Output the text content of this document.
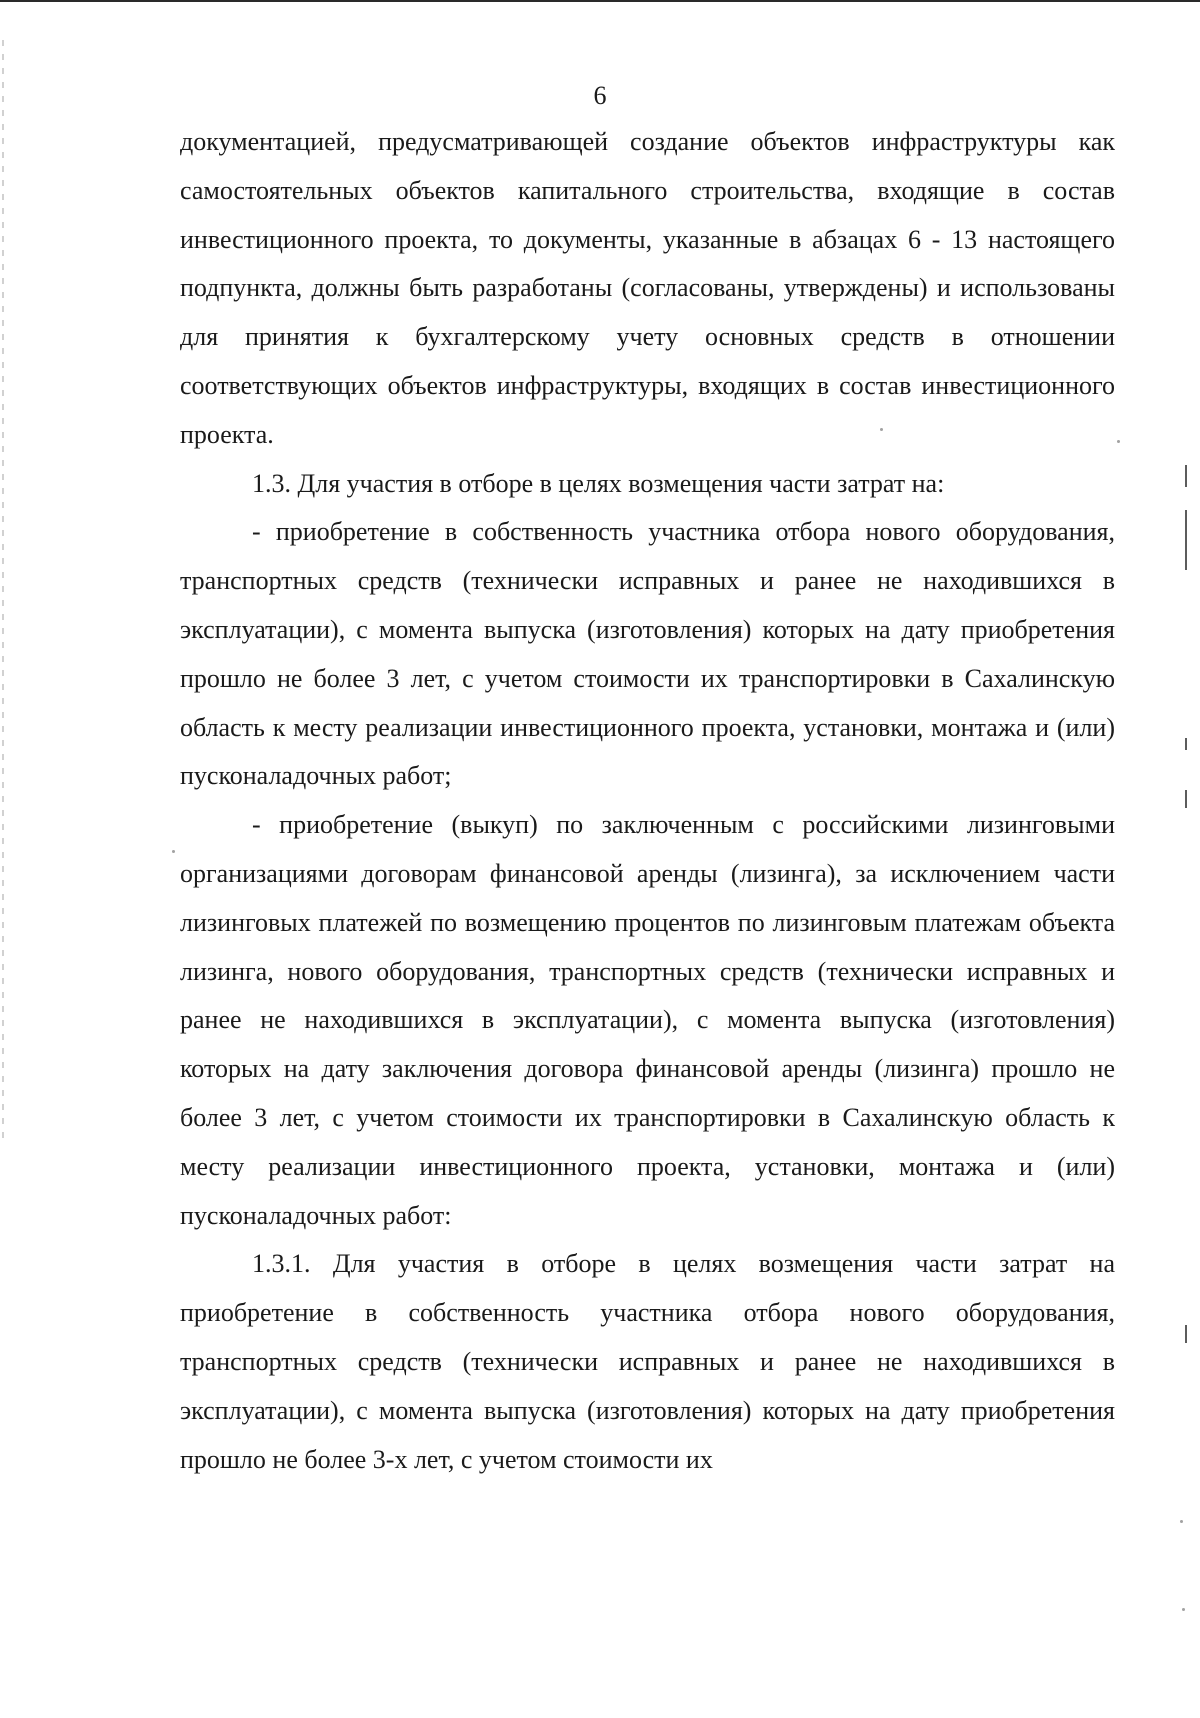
6

документацией, предусматривающей создание объектов инфраструктуры как самостоятельных объектов капитального строительства, входящие в состав инвестиционного проекта, то документы, указанные в абзацах 6 - 13 настоящего подпункта, должны быть разработаны (согласованы, утверждены) и использованы для принятия к бухгалтерскому учету основных средств в отношении соответствующих объектов инфраструктуры, входящих в состав инвестиционного проекта.

1.3. Для участия в отборе в целях возмещения части затрат на:

- приобретение в собственность участника отбора нового оборудования, транспортных средств (технически исправных и ранее не находившихся в эксплуатации), с момента выпуска (изготовления) которых на дату приобретения прошло не более 3 лет, с учетом стоимости их транспортировки в Сахалинскую область к месту реализации инвестиционного проекта, установки, монтажа и (или) пусконаладочных работ;

- приобретение (выкуп) по заключенным с российскими лизинговыми организациями договорам финансовой аренды (лизинга), за исключением части лизинговых платежей по возмещению процентов по лизинговым платежам объекта лизинга, нового оборудования, транспортных средств (технически исправных и ранее не находившихся в эксплуатации), с момента выпуска (изготовления) которых на дату заключения договора финансовой аренды (лизинга) прошло не более 3 лет, с учетом стоимости их транспортировки в Сахалинскую область к месту реализации инвестиционного проекта, установки, монтажа и (или) пусконаладочных работ:

1.3.1. Для участия в отборе в целях возмещения части затрат на приобретение в собственность участника отбора нового оборудования, транспортных средств (технически исправных и ранее не находившихся в эксплуатации), с момента выпуска (изготовления) которых на дату приобретения прошло не более 3-х лет, с учетом стоимости их
